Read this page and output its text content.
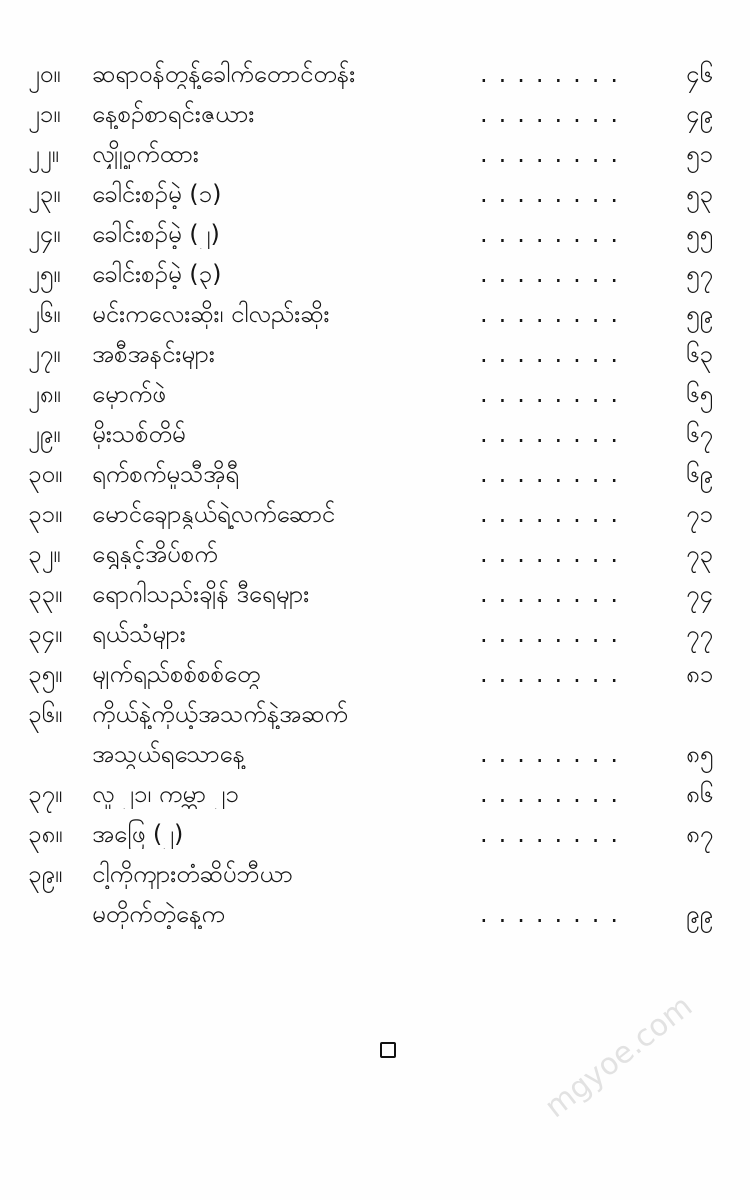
၂၀။	ဆရာဝန်တွန့်ခေါက်တောင်တန်း	........	၄၆
၂၁။	နေ့စဉ်စာရင်းဇယား	........	၄၉
၂၂။	လျှို့ဝှက်ထား	........	၅၁
၂၃။	ခေါင်းစဉ်မဲ့ (၁)	........	၅၃
၂၄။	ခေါင်းစဉ်မဲ့ (၂)	........	၅၅
၂၅။	ခေါင်းစဉ်မဲ့ (၃)	........	၅၇
၂၆။	မင်းကလေးဆိုး၊ ငါလည်းဆိုး	........	၅၉
၂၇။	အစီအနင်းများ	........	၆၃
၂၈။	မှောက်ဖဲ	........	၆၅
၂၉။	မိုးသစ်တိမ်	........	၆၇
၃၀။	ရက်စက်မှုသီအိုရီ	........	၆၉
၃၁။	မောင်ချောနွယ်ရဲ့လက်ဆောင်	........	၇၁
၃၂။	ရွှေနှင့်အိပ်စက်	........	၇၃
၃၃။	ရောဂါသည်းချိန် ဒီရေများ	........	၇၄
၃၄။	ရယ်သံများ	........	၇၇
၃၅။	မျက်ရည်စစ်စစ်တွေ	........	၈၁
၃၆။	ကိုယ်နဲ့ကိုယ့်အသက်နဲ့အဆက်
အသွယ်ရသောနေ့	........	၈၅
၃၇။	လူ ၂၁၊ ကမ္ဘာ ၂၁	........	၈၆
၃၈။	အဖြေ (၂)	........	၈၇
၃၉။	ငါ့ကိုကျားတံဆိပ်ဘီယာ
မတိုက်တဲ့နေ့က	........	၉၉
mgyoe.com
